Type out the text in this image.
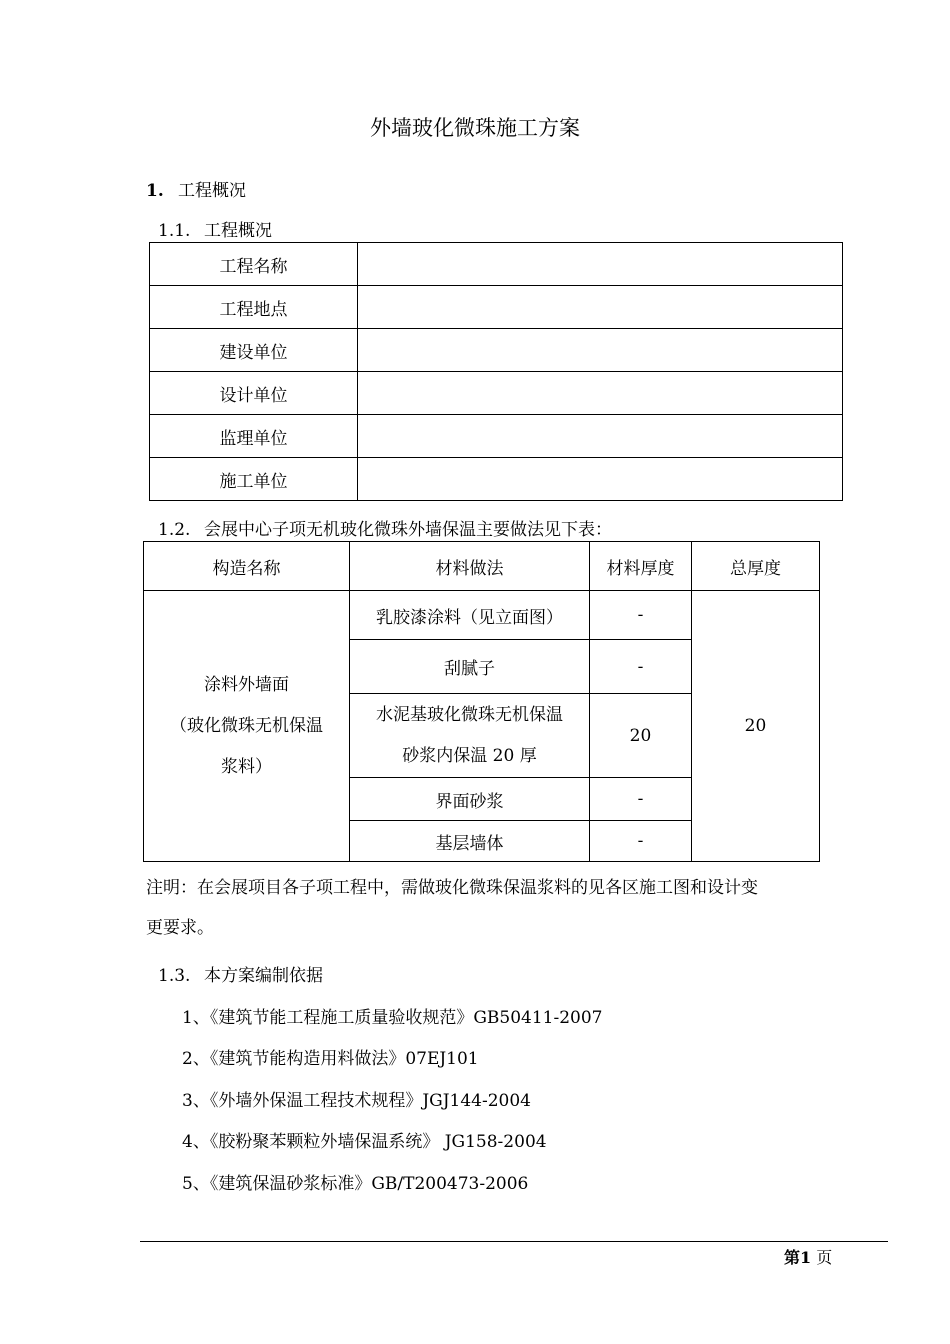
外墙玻化微珠施工方案
1. 工程概况
1.1. 工程概况
工程名称	
工程地点	
建设单位	
设计单位	
监理单位	
施工单位	
1.2. 会展中心子项无机玻化微珠外墙保温主要做法见下表：
构造名称	材料做法	材料厚度	总厚度

涂料外墙面
（玻化微珠无机保温
浆料）	乳胶漆涂料（见立面图）	-	20
	刮腻子	-	

	水泥基玻化微珠无机保温
砂浆内保温 20 厚	20	
	界面砂浆	-	
	基层墙体	-	
注明：在会展项目各子项工程中，需做玻化微珠保温浆料的见各区施工图和设计变
更要求。
1.3. 本方案编制依据
1、《建筑节能工程施工质量验收规范》GB50411-2007
2、《建筑节能构造用料做法》07EJ101
3、《外墙外保温工程技术规程》JGJ144-2004
4、《胶粉聚苯颗粒外墙保温系统》 JG158-2004
5、《建筑保温砂浆标准》GB/T200473-2006
第1 页
